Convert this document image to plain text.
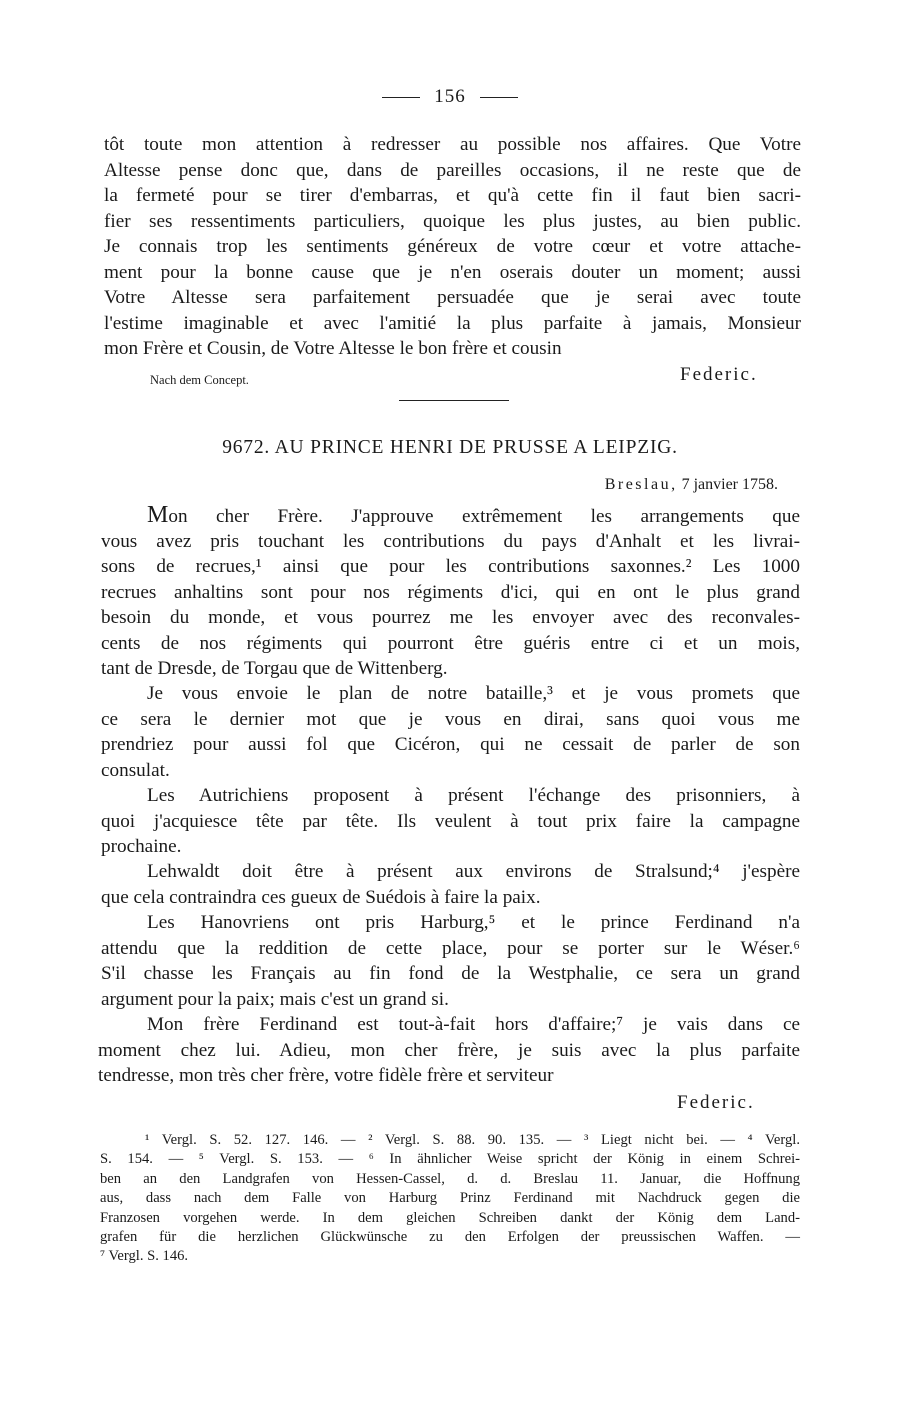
156
tôt toute mon attention à redresser au possible nos affaires. Que Votre
Altesse pense donc que, dans de pareilles occasions, il ne reste que de
la fermeté pour se tirer d'embarras, et qu'à cette fin il faut bien sacri-
fier ses ressentiments particuliers, quoique les plus justes, au bien public.
Je connais trop les sentiments généreux de votre cœur et votre attache-
ment pour la bonne cause que je n'en oserais douter un moment; aussi
Votre Altesse sera parfaitement persuadée que je serai avec toute
l'estime imaginable et avec l'amitié la plus parfaite à jamais, Monsieur
mon Frère et Cousin, de Votre Altesse le bon frère et cousin
Nach dem Concept.	Federic.
9672. AU PRINCE HENRI DE PRUSSE A LEIPZIG.
Breslau, 7 janvier 1758.
Mon cher Frère. J'approuve extrêmement les arrangements que
vous avez pris touchant les contributions du pays d'Anhalt et les livrai-
sons de recrues,¹ ainsi que pour les contributions saxonnes.² Les 1000
recrues anhaltins sont pour nos régiments d'ici, qui en ont le plus grand
besoin du monde, et vous pourrez me les envoyer avec des reconvales-
cents de nos régiments qui pourront être guéris entre ci et un mois,
tant de Dresde, de Torgau que de Wittenberg.
Je vous envoie le plan de notre bataille,³ et je vous promets que
ce sera le dernier mot que je vous en dirai, sans quoi vous me
prendriez pour aussi fol que Cicéron, qui ne cessait de parler de son
consulat.
Les Autrichiens proposent à présent l'échange des prisonniers, à
quoi j'acquiesce tête par tête. Ils veulent à tout prix faire la campagne
prochaine.
Lehwaldt doit être à présent aux environs de Stralsund;⁴ j'espère
que cela contraindra ces gueux de Suédois à faire la paix.
Les Hanovriens ont pris Harburg,⁵ et le prince Ferdinand n'a
attendu que la reddition de cette place, pour se porter sur le Wéser.⁶
S'il chasse les Français au fin fond de la Westphalie, ce sera un grand
argument pour la paix; mais c'est un grand si.
Mon frère Ferdinand est tout-à-fait hors d'affaire;⁷ je vais dans ce
moment chez lui. Adieu, mon cher frère, je suis avec la plus parfaite
tendresse, mon très cher frère, votre fidèle frère et serviteur
Federic.
¹ Vergl. S. 52. 127. 146. — ² Vergl. S. 88. 90. 135. — ³ Liegt nicht bei. — ⁴ Vergl.
S. 154. — ⁵ Vergl. S. 153. — ⁶ In ähnlicher Weise spricht der König in einem Schrei-
ben an den Landgrafen von Hessen-Cassel, d. d. Breslau 11. Januar, die Hoffnung
aus, dass nach dem Falle von Harburg Prinz Ferdinand mit Nachdruck gegen die
Franzosen vorgehen werde. In dem gleichen Schreiben dankt der König dem Land-
grafen für die herzlichen Glückwünsche zu den Erfolgen der preussischen Waffen. —
⁷ Vergl. S. 146.
